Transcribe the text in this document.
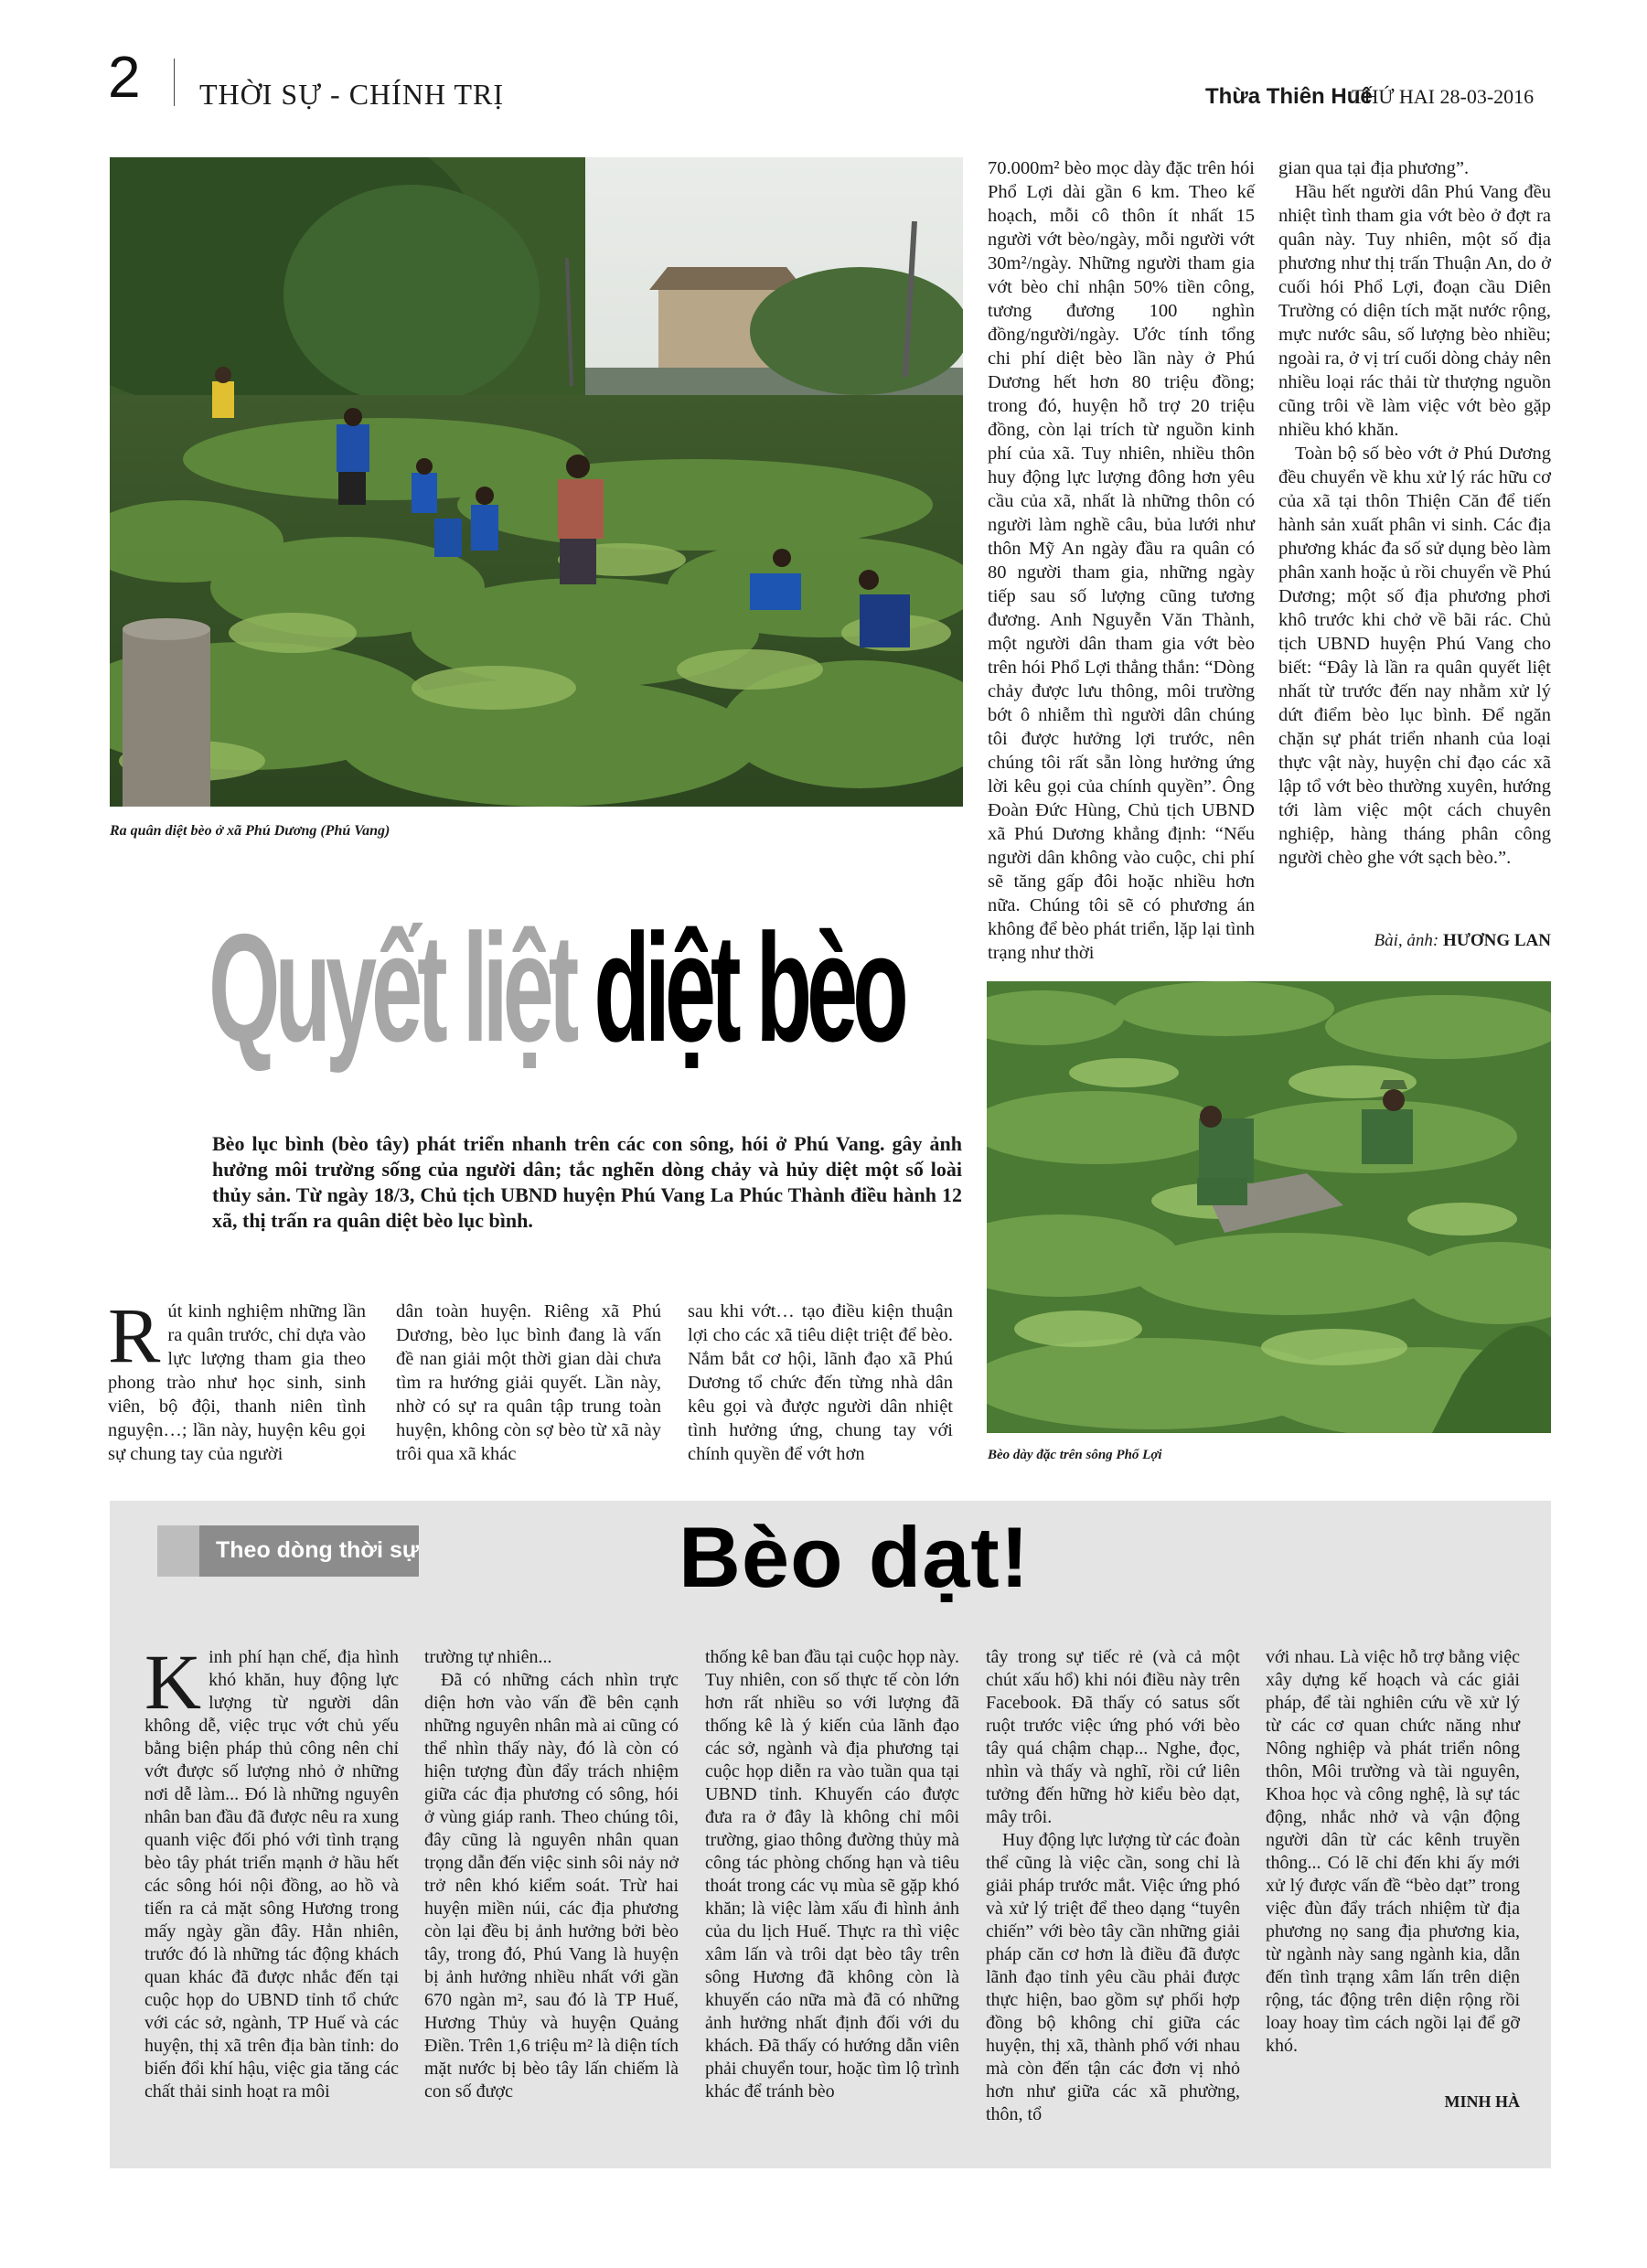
2 THỜI SỰ - CHÍNH TRỊ	Thừa Thiên Huế
THỨ HAI 28-03-2016
Ra quân diệt bèo ở xã Phú Dương (Phú Vang)
Quyết liệt diệt bèo
Bèo lục bình (bèo tây) phát triển nhanh trên các con sông, hói ở Phú Vang. gây ảnh hưởng môi trường sống của người dân; tắc nghẽn dòng chảy và hủy diệt một số loài thủy sản. Từ ngày 18/3, Chủ tịch UBND huyện Phú Vang La Phúc Thành điều hành 12 xã, thị trấn ra quân diệt bèo lục bình.
R út kinh nghiệm những lần ra quân trước, chỉ dựa vào lực lượng tham gia theo phong trào như học sinh, sinh viên, bộ đội, thanh niên tình nguyện…; lần này, huyện kêu gọi sự chung tay của người
dân toàn huyện. Riêng xã Phú Dương, bèo lục bình đang là vấn đề nan giải một thời gian dài chưa tìm ra hướng giải quyết. Lần này, nhờ có sự ra quân tập trung toàn huyện, không còn sợ bèo từ xã này trôi qua xã khác
sau khi vớt… tạo điều kiện thuận lợi cho các xã tiêu diệt triệt để bèo. Nắm bắt cơ hội, lãnh đạo xã Phú Dương tổ chức đến từng nhà dân kêu gọi và được người dân nhiệt tình hưởng ứng, chung tay với chính quyền để vớt hơn
70.000m² bèo mọc dày đặc trên hói Phổ Lợi dài gần 6 km. Theo kế hoạch, mỗi cô thôn ít nhất 15 người vớt bèo/ngày, mỗi người vớt 30m²/ngày. Những người tham gia vớt bèo chỉ nhận 50% tiền công, tương đương 100 nghìn đồng/người/ngày. Ước tính tổng chi phí diệt bèo lần này ở Phú Dương hết hơn 80 triệu đồng; trong đó, huyện hỗ trợ 20 triệu đồng, còn lại trích từ nguồn kinh phí của xã. Tuy nhiên, nhiều thôn huy động lực lượng đông hơn yêu cầu của xã, nhất là những thôn có người làm nghề câu, bủa lưới như thôn Mỹ An ngày đầu ra quân có 80 người tham gia, những ngày tiếp sau số lượng cũng tương đương. Anh Nguyễn Văn Thành, một người dân tham gia vớt bèo trên hói Phổ Lợi thẳng thắn: “Dòng chảy được lưu thông, môi trường bớt ô nhiễm thì người dân chúng tôi được hưởng lợi trước, nên chúng tôi rất sẵn lòng hưởng ứng lời kêu gọi của chính quyền”. Ông Đoàn Đức Hùng, Chủ tịch UBND xã Phú Dương khẳng định: “Nếu người dân không vào cuộc, chi phí sẽ tăng gấp đôi hoặc nhiều hơn nữa. Chúng tôi sẽ có phương án không để bèo phát triển, lặp lại tình trạng như thời

gian qua tại địa phương”.

Hầu hết người dân Phú Vang đều nhiệt tình tham gia vớt bèo ở đợt ra quân này. Tuy nhiên, một số địa phương như thị trấn Thuận An, do ở cuối hói Phổ Lợi, đoạn cầu Diên Trường có diện tích mặt nước rộng, mực nước sâu, số lượng bèo nhiều; ngoài ra, ở vị trí cuối dòng chảy nên nhiều loại rác thải từ thượng nguồn cũng trôi về làm việc vớt bèo gặp nhiều khó khăn.

Toàn bộ số bèo vớt ở Phú Dương đều chuyển về khu xử lý rác hữu cơ của xã tại thôn Thiện Căn để tiến hành sản xuất phân vi sinh. Các địa phương khác đa số sử dụng bèo làm phân xanh hoặc ủ rồi chuyển về Phú Dương; một số địa phương phơi khô trước khi chở về bãi rác. Chủ tịch UBND huyện Phú Vang cho biết: “Đây là lần ra quân quyết liệt nhất từ trước đến nay nhằm xử lý dứt điểm bèo lục bình. Để ngăn chặn sự phát triển nhanh của loại thực vật này, huyện chỉ đạo các xã lập tổ vớt bèo thường xuyên, hướng tới làm việc một cách chuyên nghiệp, hàng tháng phân công người chèo ghe vớt sạch bèo.”.

Bài, ảnh: HƯƠNG LAN
Bèo dày đặc trên sông Phổ Lợi
Theo dòng thời sự	Bèo dạt!
K inh phí hạn chế, địa hình khó khăn, huy động lực lượng từ người dân không dễ, việc trục vớt chủ yếu bằng biện pháp thủ công nên chỉ vớt được số lượng nhỏ ở những nơi dễ làm... Đó là những nguyên nhân ban đầu đã được nêu ra xung quanh việc đối phó với tình trạng bèo tây phát triển mạnh ở hầu hết các sông hói nội đồng, ao hồ và tiến ra cả mặt sông Hương trong mấy ngày gần đây. Hẳn nhiên, trước đó là những tác động khách quan khác đã được nhắc đến tại cuộc họp do UBND tỉnh tổ chức với các sở, ngành, TP Huế và các huyện, thị xã trên địa bàn tỉnh: do biến đổi khí hậu, việc gia tăng các chất thải sinh hoạt ra môi

trường tự nhiên...

Đã có những cách nhìn trực diện hơn vào vấn đề bên cạnh những nguyên nhân mà ai cũng có thể nhìn thấy này, đó là còn có hiện tượng đùn đẩy trách nhiệm giữa các địa phương có sông, hói ở vùng giáp ranh. Theo chúng tôi, đây cũng là nguyên nhân quan trọng dẫn đến việc sinh sôi nảy nở trở nên khó kiểm soát. Trừ hai huyện miền núi, các địa phương còn lại đều bị ảnh hưởng bởi bèo tây, trong đó, Phú Vang là huyện bị ảnh hưởng nhiều nhất với gần 670 ngàn m², sau đó là TP Huế, Hương Thủy và huyện Quảng Điền. Trên 1,6 triệu m² là diện tích mặt nước bị bèo tây lấn chiếm là con số được

thống kê ban đầu tại cuộc họp này. Tuy nhiên, con số thực tế còn lớn hơn rất nhiều so với lượng đã thống kê là ý kiến của lãnh đạo các sở, ngành và địa phương tại cuộc họp diễn ra vào tuần qua tại UBND tỉnh. Khuyến cáo được đưa ra ở đây là không chỉ môi trường, giao thông đường thủy mà công tác phòng chống hạn và tiêu thoát trong các vụ mùa sẽ gặp khó khăn; là việc làm xấu đi hình ảnh của du lịch Huế. Thực ra thì việc xâm lấn và trôi dạt bèo tây trên sông Hương đã không còn là khuyến cáo nữa mà đã có những ảnh hưởng nhất định đối với du khách. Đã thấy có hướng dẫn viên phải chuyển tour, hoặc tìm lộ trình khác để tránh bèo

tây trong sự tiếc rẻ (và cả một chút xấu hổ) khi nói điều này trên Facebook. Đã thấy có satus sốt ruột trước việc ứng phó với bèo tây quá chậm chạp... Nghe, đọc, nhìn và thấy và nghĩ, rồi cứ liên tưởng đến hững hờ kiểu bèo dạt, mây trôi.

Huy động lực lượng từ các đoàn thể cũng là việc cần, song chỉ là giải pháp trước mắt. Việc ứng phó và xử lý triệt để theo dạng “tuyên chiến” với bèo tây cần những giải pháp căn cơ hơn là điều đã được lãnh đạo tỉnh yêu cầu phải được thực hiện, bao gồm sự phối hợp đồng bộ không chỉ giữa các huyện, thị xã, thành phố với nhau mà còn đến tận các đơn vị nhỏ hơn như giữa các xã phường, thôn, tổ

với nhau. Là việc hỗ trợ bằng việc xây dựng kế hoạch và các giải pháp, để tài nghiên cứu về xử lý từ các cơ quan chức năng như Nông nghiệp và phát triển nông thôn, Môi trường và tài nguyên, Khoa học và công nghệ, là sự tác động, nhắc nhở và vận động người dân từ các kênh truyền thông... Có lẽ chỉ đến khi ấy mới xử lý được vấn đề “bèo dạt” trong việc đùn đẩy trách nhiệm từ địa phương nọ sang địa phương kia, từ ngành này sang ngành kia, dẫn đến tình trạng xâm lấn trên diện rộng, tác động trên diện rộng rồi loay hoay tìm cách ngồi lại để gỡ khó.
MINH HÀ
